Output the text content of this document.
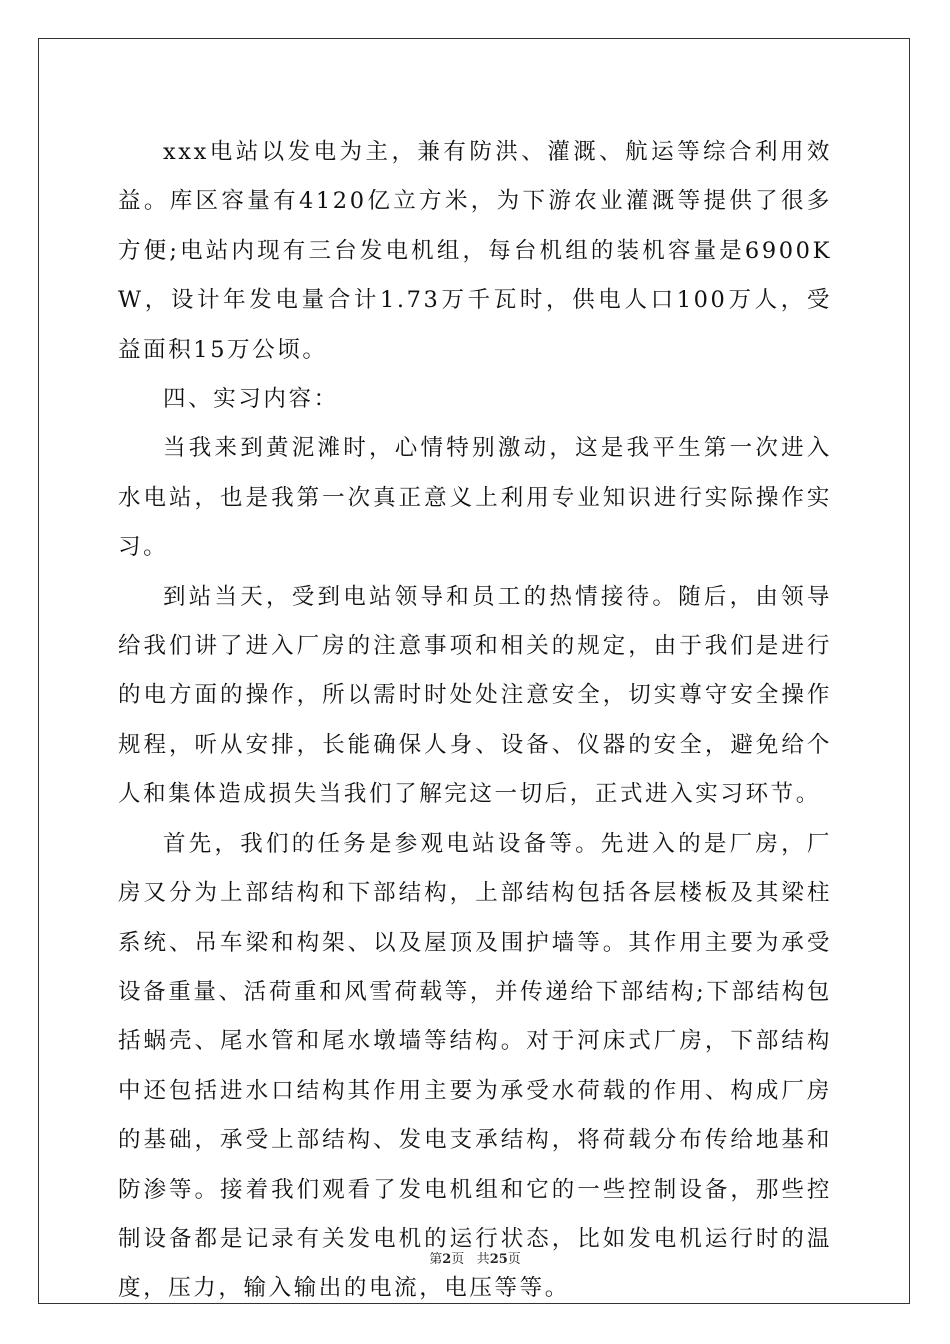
xxx电站以发电为主，兼有防洪、灌溉、航运等综合利用效益。库区容量有4120亿立方米，为下游农业灌溉等提供了很多方便;电站内现有三台发电机组，每台机组的装机容量是6900KW，设计年发电量合计1.73万千瓦时，供电人口100万人，受益面积15万公顷。

四、实习内容：

当我来到黄泥滩时，心情特别激动，这是我平生第一次进入水电站，也是我第一次真正意义上利用专业知识进行实际操作实习。

到站当天，受到电站领导和员工的热情接待。随后，由领导给我们讲了进入厂房的注意事项和相关的规定，由于我们是进行的电方面的操作，所以需时时处处注意安全，切实尊守安全操作规程，听从安排，长能确保人身、设备、仪器的安全，避免给个人和集体造成损失当我们了解完这一切后，正式进入实习环节。

首先，我们的任务是参观电站设备等。先进入的是厂房，厂房又分为上部结构和下部结构，上部结构包括各层楼板及其梁柱系统、吊车梁和构架、以及屋顶及围护墙等。其作用主要为承受设备重量、活荷重和风雪荷载等，并传递给下部结构;下部结构包括蜗壳、尾水管和尾水墩墙等结构。对于河床式厂房，下部结构中还包括进水口结构其作用主要为承受水荷载的作用、构成厂房的基础，承受上部结构、发电支承结构，将荷载分布传给地基和防渗等。接着我们观看了发电机组和它的一些控制设备，那些控制设备都是记录有关发电机的运行状态，比如发电机运行时的温度，压力，输入输出的电流，电压等等。

第2页 共25页
